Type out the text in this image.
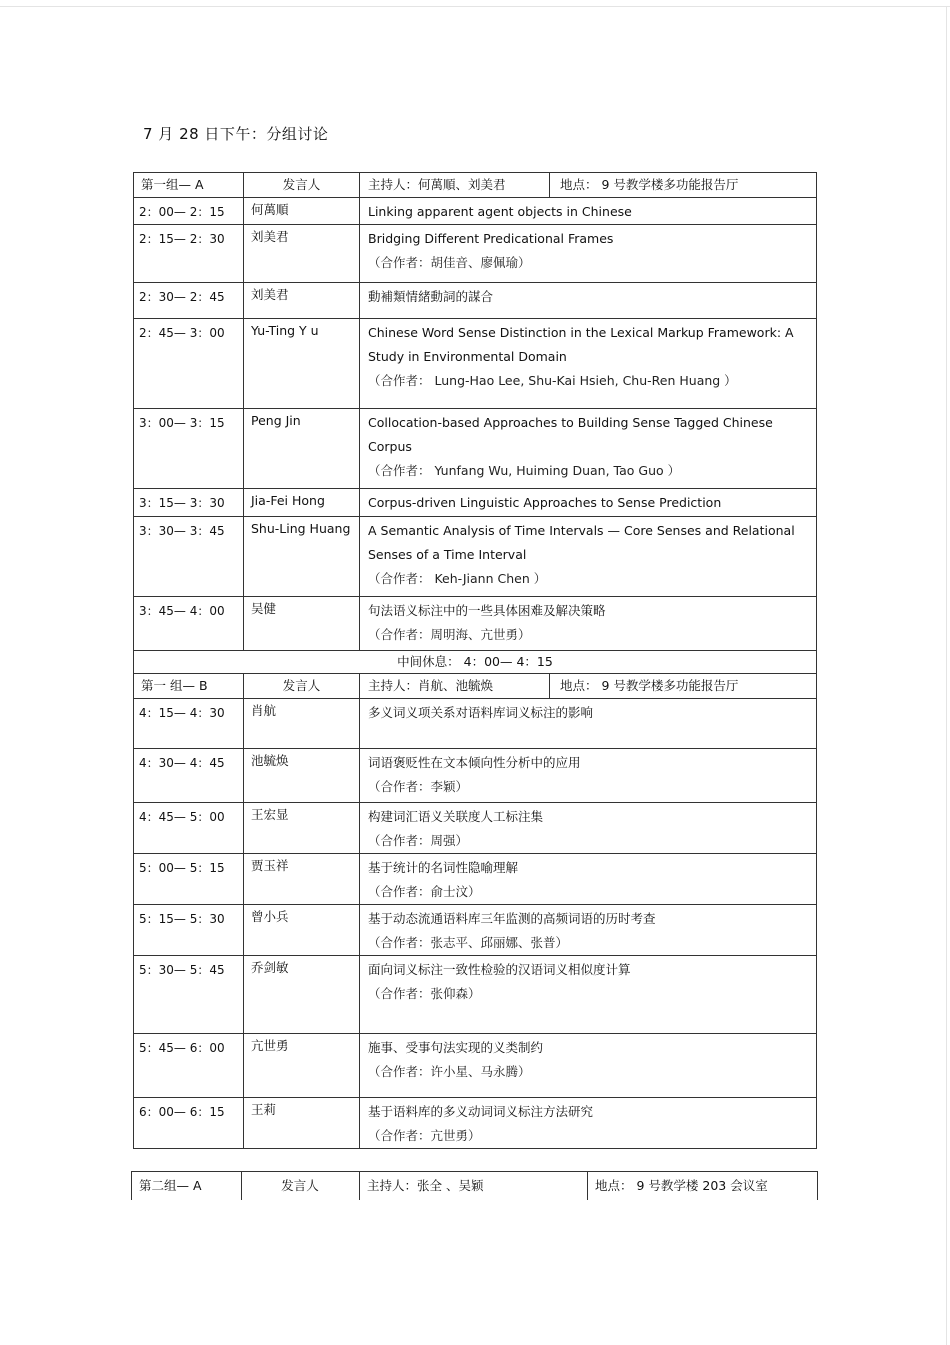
7 月 28 日下午：分组讨论
第一组— A	发言人	主持人：何萬順、刘美君 地点： 9 号教学楼多功能报告厅

2：00— 2：15	何萬順	Linking apparent agent objects in Chinese

2：15— 2：30	刘美君	Bridging Different Predicational Frames
（合作者：胡佳音、廖佩瑜）

2：30— 2：45	刘美君	動補類情緒動詞的謀合

2：45— 3：00	Yu-Ting Y u	Chinese Word Sense Distinction in the Lexical Markup Framework: A Study in Environmental Domain
（合作者： Lung-Hao Lee, Shu-Kai Hsieh, Chu-Ren Huang ）

3：00— 3：15	Peng Jin	Collocation-based Approaches to Building Sense Tagged Chinese Corpus
（合作者： Yunfang Wu, Huiming Duan, Tao Guo ）

3：15— 3：30	Jia-Fei Hong	Corpus-driven Linguistic Approaches to Sense Prediction

3：30— 3：45	Shu-Ling Huang	A Semantic Analysis of Time Intervals — Core Senses and Relational Senses of a Time Interval
（合作者： Keh-Jiann Chen ）

3：45— 4：00	吴健	句法语义标注中的一些具体困难及解决策略
（合作者：周明海、亢世勇）

中间休息： 4：00— 4：15		
第一 组— B	发言人	主持人：肖航、池毓焕 地点： 9 号教学楼多功能报告厅

4：15— 4：30	肖航	多义词义项关系对语料库词义标注的影响

4：30— 4：45	池毓焕	词语褒贬性在文本倾向性分析中的应用
（合作者：李颖）

4：45— 5：00	王宏显	构建词汇语义关联度人工标注集
（合作者：周强）

5：00— 5：15	贾玉祥	基于统计的名词性隐喻理解
（合作者：俞士汶）

5：15— 5：30	曾小兵	基于动态流通语料库三年监测的高频词语的历时考查
（合作者：张志平、邱丽娜、张普）

5：30— 5：45	乔剑敏	面向词义标注一致性检验的汉语词义相似度计算
（合作者：张仰森）

5：45— 6：00	亢世勇	施事、受事句法实现的义类制约
（合作者：许小星、马永腾）

6：00— 6：15	王莉	基于语料库的多义动词词义标注方法研究
（合作者：亢世勇）
第二组— A	发言人	主持人：张全 、吴颖	地点： 9 号教学楼 203 会议室
